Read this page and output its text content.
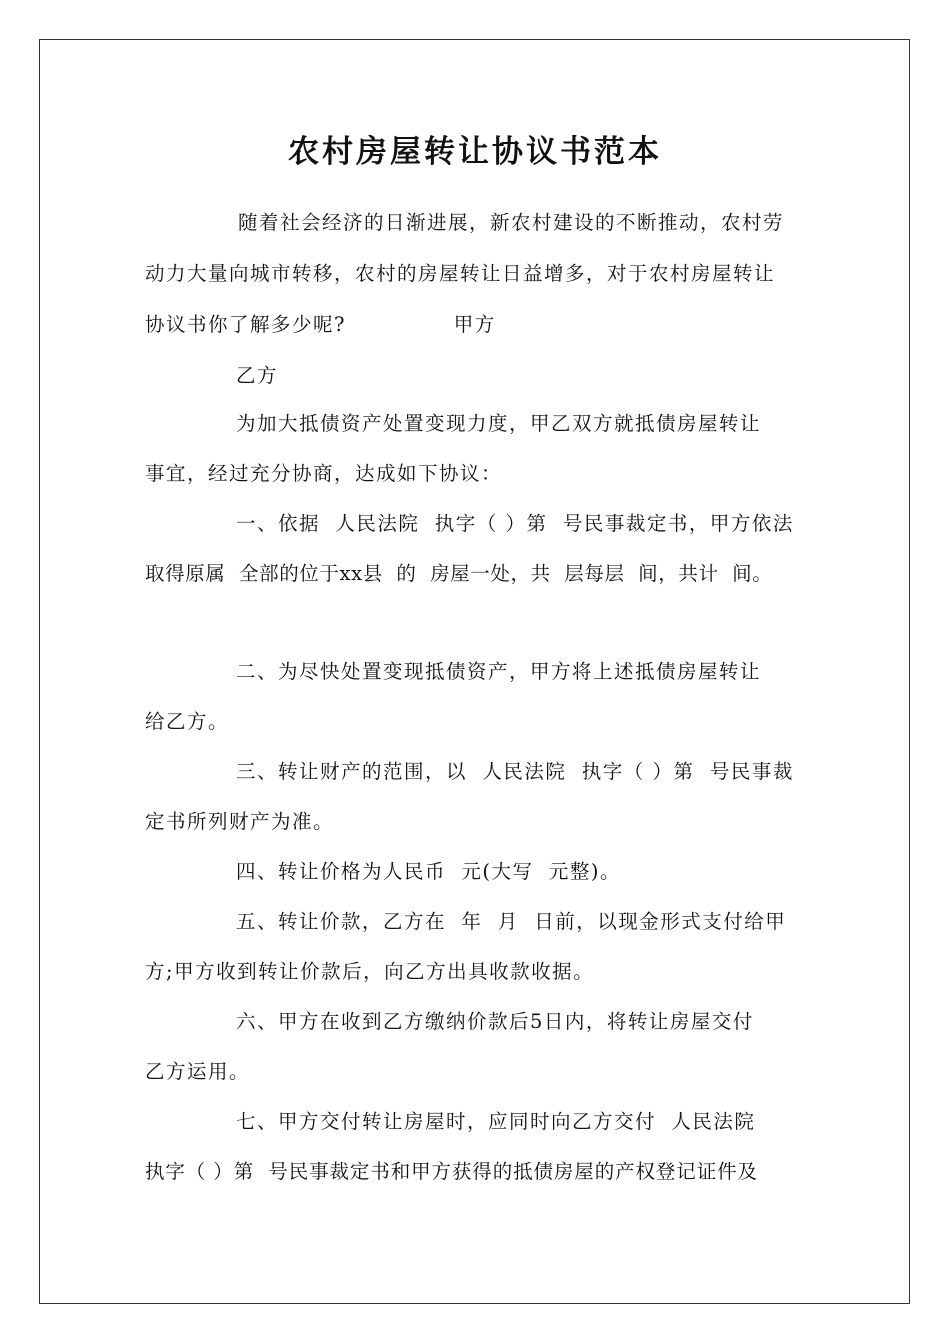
农村房屋转让协议书范本
随着社会经济的日渐进展，新农村建设的不断推动，农村劳
动力大量向城市转移，农村的房屋转让日益增多，对于农村房屋转让
协议书你了解多少呢?              甲方
乙方
为加大抵债资产处置变现力度，甲乙双方就抵债房屋转让
事宜，经过充分协商，达成如下协议：
一、依据  人民法院  执字（ ）第  号民事裁定书，甲方依法
取得原属  全部的位于xx县  的  房屋一处，共  层每层  间，共计  间。
二、为尽快处置变现抵债资产，甲方将上述抵债房屋转让
给乙方。
三、转让财产的范围，以  人民法院  执字（ ）第  号民事裁
定书所列财产为准。
四、转让价格为人民币  元(大写  元整)。
五、转让价款，乙方在  年  月  日前，以现金形式支付给甲
方;甲方收到转让价款后，向乙方出具收款收据。
六、甲方在收到乙方缴纳价款后5日内，将转让房屋交付
乙方运用。
七、甲方交付转让房屋时，应同时向乙方交付  人民法院
执字（ ）第  号民事裁定书和甲方获得的抵债房屋的产权登记证件及
